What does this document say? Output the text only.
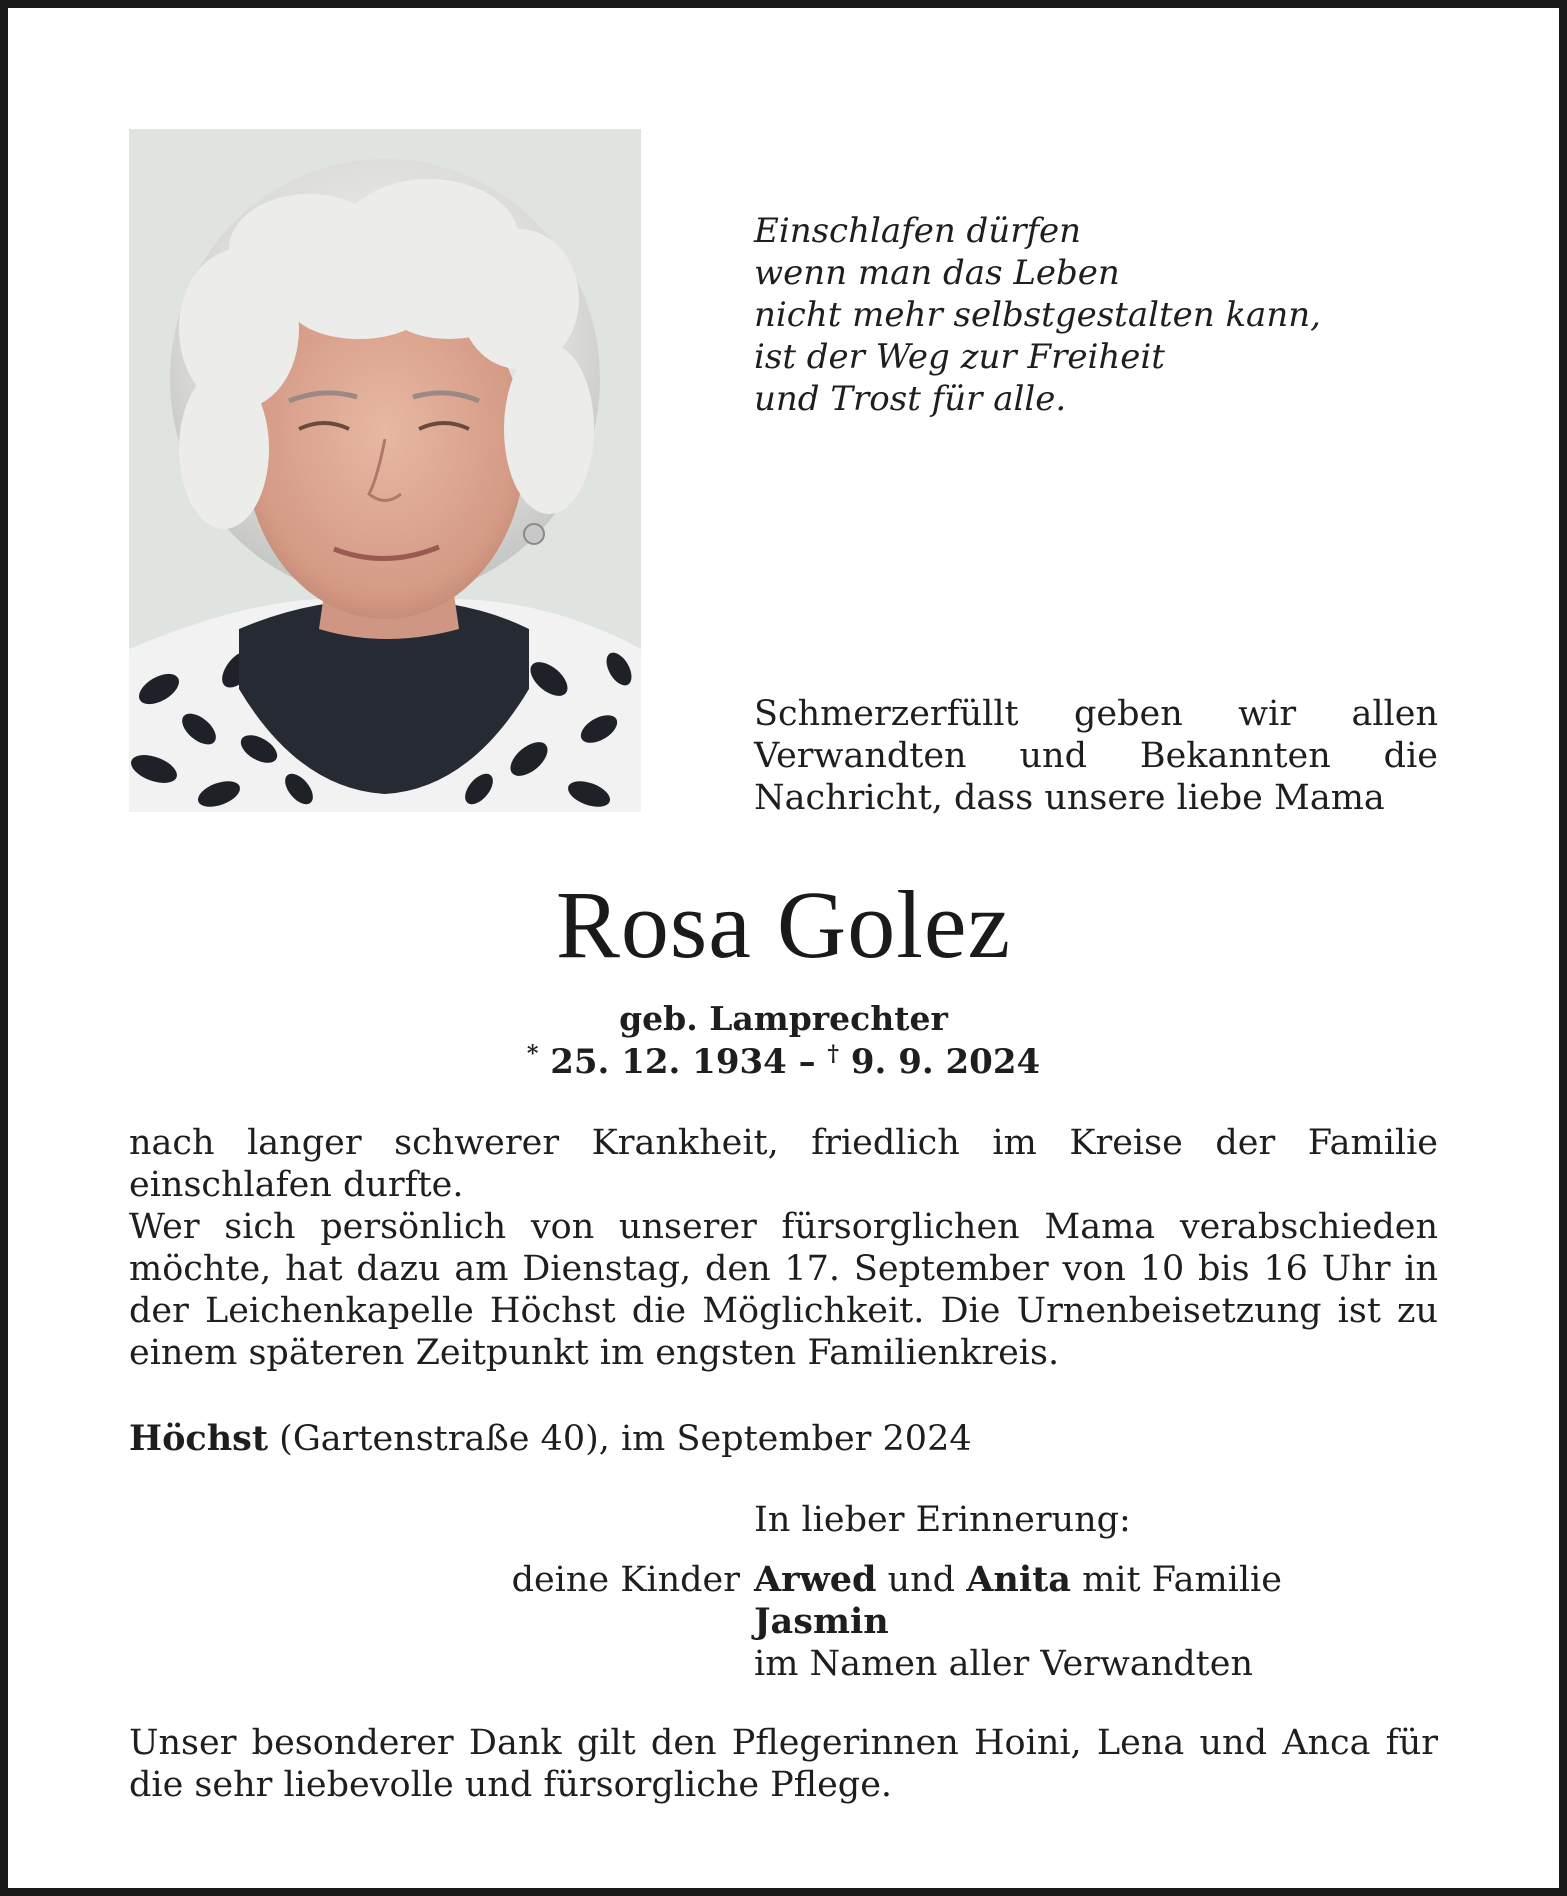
Einschlafen dürfen
wenn man das Leben
nicht mehr selbstgestalten kann,
ist der Weg zur Freiheit
und Trost für alle.
Schmerzerfüllt geben wir allen Verwandten und Bekannten die Nachricht, dass unsere liebe Mama
Rosa Golez
geb. Lamprechter
* 25. 12. 1934 – † 9. 9. 2024

nach langer schwerer Krankheit, friedlich im Kreise der Familie einschlafen durfte.

Wer sich persönlich von unserer fürsorglichen Mama verabschieden möchte, hat dazu am Dienstag, den 17. September von 10 bis 16 Uhr in der Leichenkapelle Höchst die Möglichkeit. Die Urnenbeisetzung ist zu einem späteren Zeitpunkt im engsten Familienkreis.

Höchst (Gartenstraße 40), im September 2024
deine Kinder
In lieber Erinnerung:
Arwed und Anita mit Familie
Jasmin
im Namen aller Verwandten
Unser besonderer Dank gilt den Pflegerinnen Hoini, Lena und Anca für die sehr liebevolle und fürsorgliche Pflege.
